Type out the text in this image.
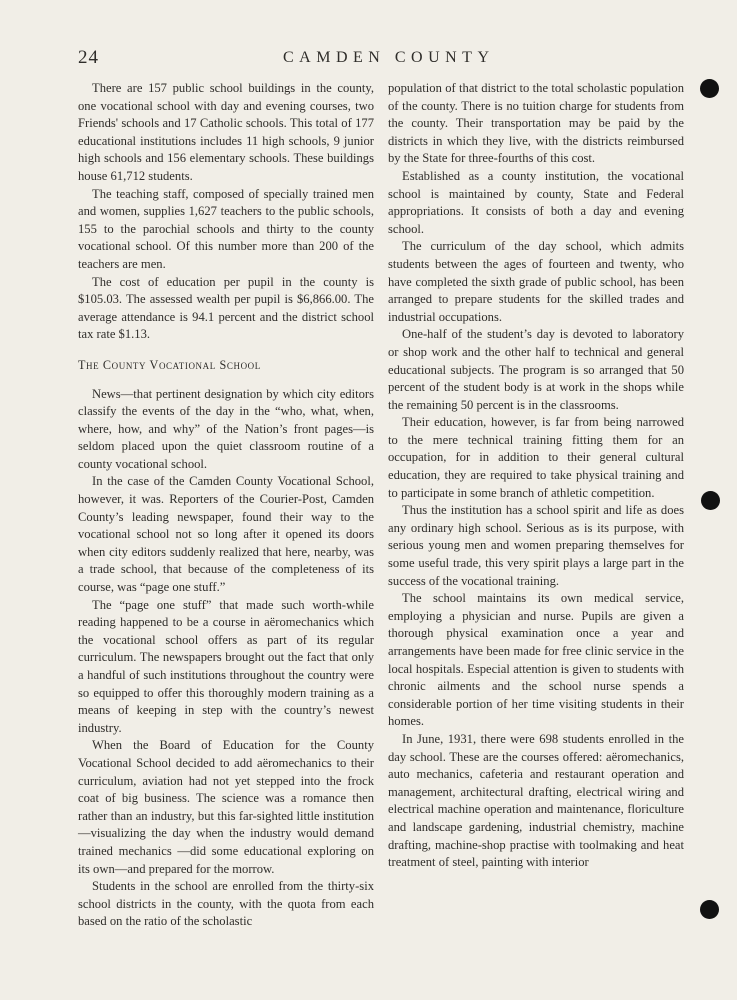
24	CAMDEN COUNTY

There are 157 public school buildings in the county, one vocational school with day and evening courses, two Friends' schools and 17 Catholic schools. This total of 177 educational institutions includes 11 high schools, 9 junior high schools and 156 elementary schools. These buildings house 61,712 students.

The teaching staff, composed of specially trained men and women, supplies 1,627 teachers to the public schools, 155 to the parochial schools and thirty to the county vocational school. Of this number more than 200 of the teachers are men.

The cost of education per pupil in the county is $105.03. The assessed wealth per pupil is $6,866.00. The average attendance is 94.1 percent and the district school tax rate $1.13.

The County Vocational School

News—that pertinent designation by which city editors classify the events of the day in the “who, what, when, where, how, and why” of the Nation’s front pages—is seldom placed upon the quiet classroom routine of a county vocational school.

In the case of the Camden County Vocational School, however, it was. Reporters of the Courier-Post, Camden County’s leading newspaper, found their way to the vocational school not so long after it opened its doors when city editors suddenly realized that here, nearby, was a trade school, that because of the completeness of its course, was “page one stuff.”

The “page one stuff” that made such worth-while reading happened to be a course in aëromechanics which the vocational school offers as part of its regular curriculum. The newspapers brought out the fact that only a handful of such institutions throughout the country were so equipped to offer this thoroughly modern training as a means of keeping in step with the country’s newest industry.

When the Board of Education for the County Vocational School decided to add aëromechanics to their curriculum, aviation had not yet stepped into the frock coat of big business. The science was a romance then rather than an industry, but this far-sighted little institution—visualizing the day when the industry would demand trained mechanics —did some educational exploring on its own—and prepared for the morrow.

Students in the school are enrolled from the thirty-six school districts in the county, with the quota from each based on the ratio of the scholastic

population of that district to the total scholastic population of the county. There is no tuition charge for students from the county. Their transportation may be paid by the districts in which they live, with the districts reimbursed by the State for three-fourths of this cost.

Established as a county institution, the vocational school is maintained by county, State and Federal appropriations. It consists of both a day and evening school.

The curriculum of the day school, which admits students between the ages of fourteen and twenty, who have completed the sixth grade of public school, has been arranged to prepare students for the skilled trades and industrial occupations.

One-half of the student’s day is devoted to laboratory or shop work and the other half to technical and general educational subjects. The program is so arranged that 50 percent of the student body is at work in the shops while the remaining 50 percent is in the classrooms.

Their education, however, is far from being narrowed to the mere technical training fitting them for an occupation, for in addition to their general cultural education, they are required to take physical training and to participate in some branch of athletic competition.

Thus the institution has a school spirit and life as does any ordinary high school. Serious as is its purpose, with serious young men and women preparing themselves for some useful trade, this very spirit plays a large part in the success of the vocational training.

The school maintains its own medical service, employing a physician and nurse. Pupils are given a thorough physical examination once a year and arrangements have been made for free clinic service in the local hospitals. Especial attention is given to students with chronic ailments and the school nurse spends a considerable portion of her time visiting students in their homes.

In June, 1931, there were 698 students enrolled in the day school. These are the courses offered: aëromechanics, auto mechanics, cafeteria and restaurant operation and management, architectural drafting, electrical wiring and electrical machine operation and maintenance, floriculture and landscape gardening, industrial chemistry, machine drafting, machine-shop practise with toolmaking and heat treatment of steel, painting with interior
